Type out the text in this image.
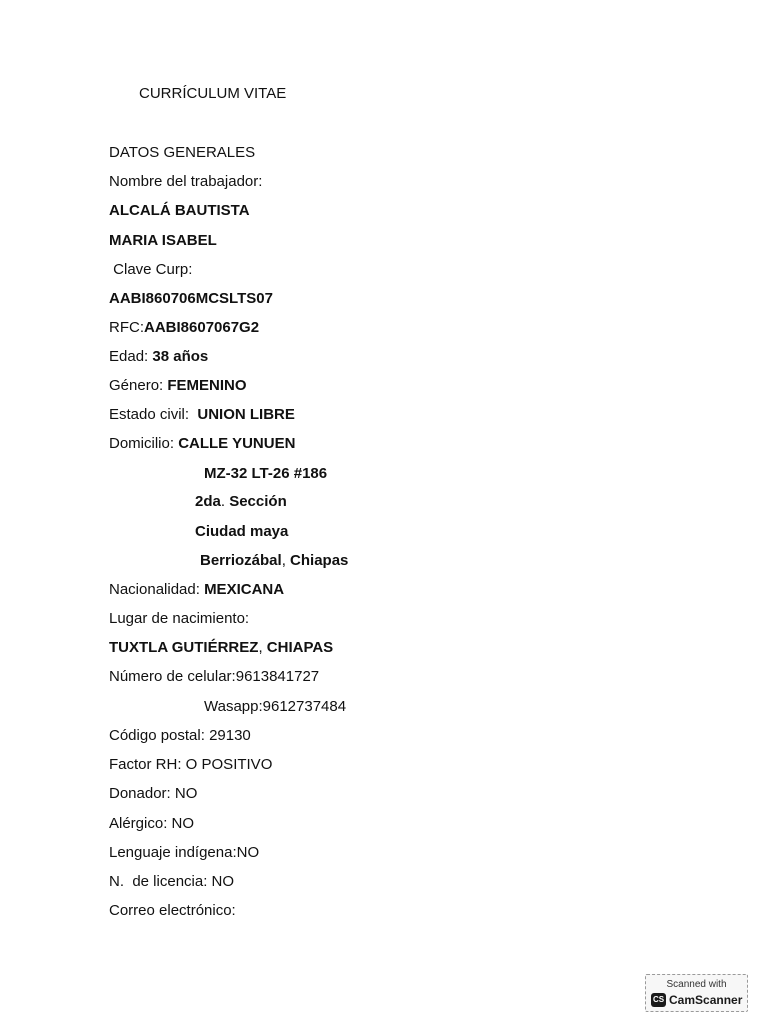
CURRÍCULUM VITAE
DATOS GENERALES
Nombre del trabajador:
ALCALÁ BAUTISTA
MARIA ISABEL
Clave Curp:
AABI860706MCSLTS07
RFC:AABI8607067G2
Edad: 38 años
Género: FEMENINO
Estado civil:  UNION LIBRE
Domicilio: CALLE YUNUEN
MZ-32 LT-26 #186
2da. Sección
Ciudad maya
Berriozábal, Chiapas
Nacionalidad: MEXICANA
Lugar de nacimiento:
TUXTLA GUTIÉRREZ, CHIAPAS
Número de celular:9613841727
Wasapp:9612737484
Código postal: 29130
Factor RH: O POSITIVO
Donador: NO
Alérgico: NO
Lenguaje indígena:NO
N.  de licencia: NO
Correo electrónico:
Scanned with
CS CamScanner
